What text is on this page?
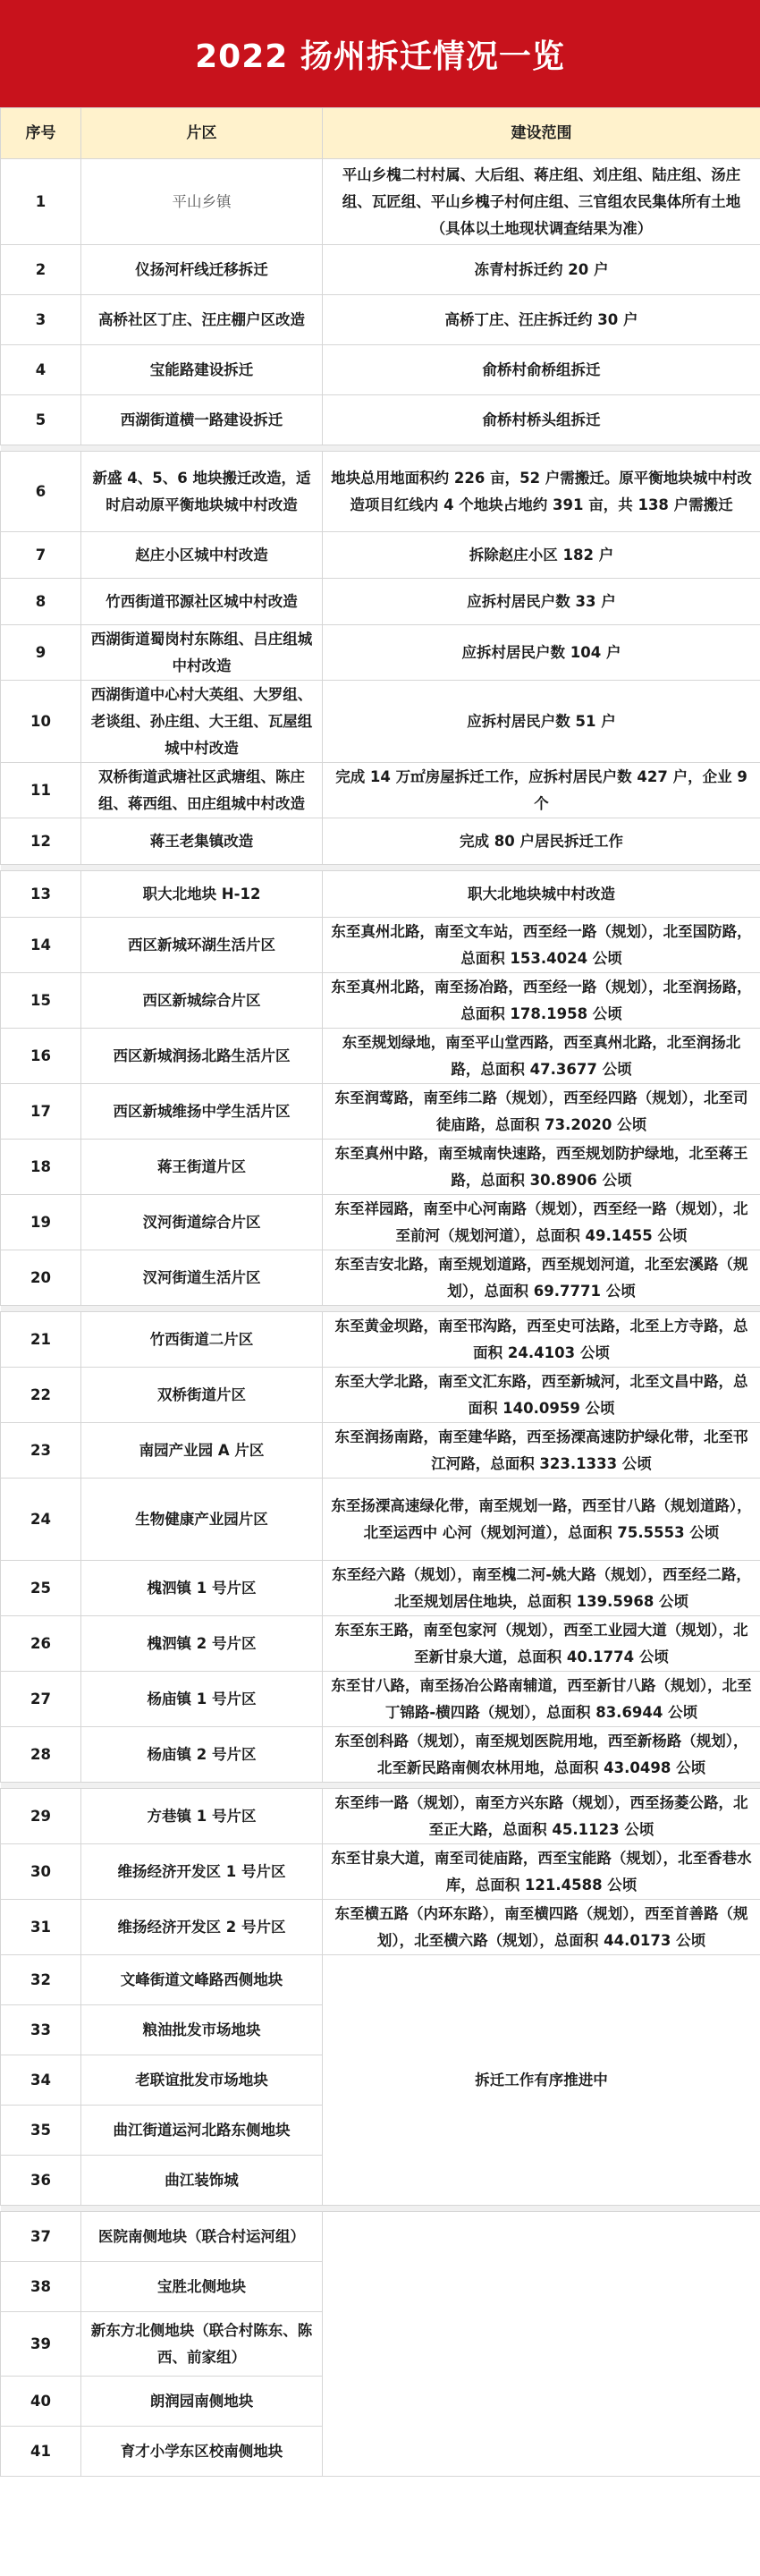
2022 扬州拆迁情况一览
序号	片区	建设范围
1	平山乡镇	平山乡槐二村村属、大后组、蒋庄组、刘庄组、陆庄组、汤庄组、瓦匠组、平山乡槐子村何庄组、三官组农民集体所有土地（具体以土地现状调查结果为准）
2	仪扬河杆线迁移拆迁	冻青村拆迁约 20 户
3	高桥社区丁庄、汪庄棚户区改造	高桥丁庄、汪庄拆迁约 30 户
4	宝能路建设拆迁	俞桥村俞桥组拆迁
5	西湖街道横一路建设拆迁	俞桥村桥头组拆迁

6	新盛 4、5、6 地块搬迁改造，适时启动原平衡地块城中村改造	地块总用地面积约 226 亩，52 户需搬迁。原平衡地块城中村改造项目红线内 4 个地块占地约 391 亩，共 138 户需搬迁
7	赵庄小区城中村改造	拆除赵庄小区 182 户
8	竹西街道邗源社区城中村改造	应拆村居民户数 33 户
9	西湖街道蜀岗村东陈组、吕庄组城中村改造	应拆村居民户数 104 户
10	西湖街道中心村大英组、大罗组、老谈组、孙庄组、大王组、瓦屋组城中村改造	应拆村居民户数 51 户
11	双桥街道武塘社区武塘组、陈庄组、蒋西组、田庄组城中村改造	完成 14 万㎡房屋拆迁工作，应拆村居民户数 427 户，企业 9 个
12	蒋王老集镇改造	完成 80 户居民拆迁工作

13	职大北地块 H-12	职大北地块城中村改造
14	西区新城环湖生活片区	东至真州北路，南至文车站，西至经一路（规划），北至国防路，总面积 153.4024 公顷
15	西区新城综合片区	东至真州北路，南至扬冶路，西至经一路（规划），北至润扬路，总面积 178.1958 公顷
16	西区新城润扬北路生活片区	东至规划绿地，南至平山堂西路，西至真州北路，北至润扬北路，总面积 47.3677 公顷
17	西区新城维扬中学生活片区	东至润莺路，南至纬二路（规划），西至经四路（规划），北至司徒庙路，总面积 73.2020 公顷
18	蒋王街道片区	东至真州中路，南至城南快速路，西至规划防护绿地，北至蒋王路，总面积 30.8906 公顷
19	汊河街道综合片区	东至祥园路，南至中心河南路（规划），西至经一路（规划），北至前河（规划河道），总面积 49.1455 公顷
20	汊河街道生活片区	东至吉安北路，南至规划道路，西至规划河道，北至宏溪路（规划），总面积 69.7771 公顷

21	竹西街道二片区	东至黄金坝路，南至邗沟路，西至史可法路，北至上方寺路，总面积 24.4103 公顷
22	双桥街道片区	东至大学北路，南至文汇东路，西至新城河，北至文昌中路，总面积 140.0959 公顷
23	南园产业园 A 片区	东至润扬南路，南至建华路，西至扬溧高速防护绿化带，北至邗江河路，总面积 323.1333 公顷
24	生物健康产业园片区	东至扬溧高速绿化带，南至规划一路，西至甘八路（规划道路），北至运西中 心河（规划河道），总面积 75.5553 公顷
25	槐泗镇 1 号片区	东至经六路（规划），南至槐二河-姚大路（规划），西至经二路，北至规划居住地块，总面积 139.5968 公顷
26	槐泗镇 2 号片区	东至东王路，南至包家河（规划），西至工业园大道（规划），北至新甘泉大道，总面积 40.1774 公顷
27	杨庙镇 1 号片区	东至甘八路，南至扬冶公路南辅道，西至新甘八路（规划），北至丁锦路-横四路（规划），总面积 83.6944 公顷
28	杨庙镇 2 号片区	东至创科路（规划），南至规划医院用地，西至新杨路（规划），北至新民路南侧农林用地，总面积 43.0498 公顷

29	方巷镇 1 号片区	东至纬一路（规划），南至方兴东路（规划），西至扬菱公路，北至正大路，总面积 45.1123 公顷
30	维扬经济开发区 1 号片区	东至甘泉大道，南至司徒庙路，西至宝能路（规划），北至香巷水库，总面积 121.4588 公顷
31	维扬经济开发区 2 号片区	东至横五路（内环东路），南至横四路（规划），西至首善路（规划），北至横六路（规划），总面积 44.0173 公顷
32	文峰街道文峰路西侧地块	拆迁工作有序推进中
33	粮油批发市场地块	
34	老联谊批发市场地块	
35	曲江街道运河北路东侧地块	
36	曲江装饰城	

37	医院南侧地块（联合村运河组）	
38	宝胜北侧地块	
39	新东方北侧地块（联合村陈东、陈西、前家组）	
40	朗润园南侧地块	
41	育才小学东区校南侧地块	
